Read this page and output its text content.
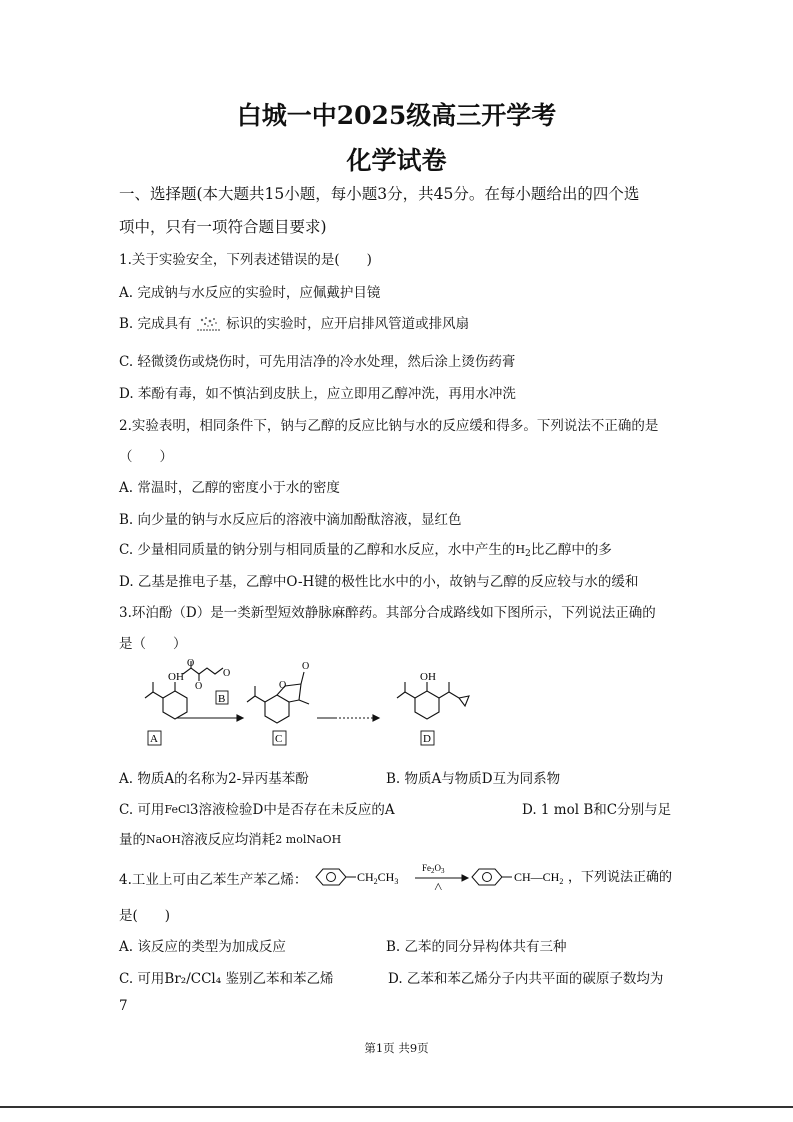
白城一中2025级高三开学考
化学试卷
一、选择题(本大题共15小题，每小题3分，共45分。在每小题给出的四个选
项中，只有一项符合题目要求)
1.关于实验安全，下列表述错误的是(　　)
A. 完成钠与水反应的实验时，应佩戴护目镜
B. 完成具有	标识的实验时，应开启排风管道或排风扇
C. 轻微烫伤或烧伤时，可先用洁净的冷水处理，然后涂上烫伤药膏
D. 苯酚有毒，如不慎沾到皮肤上，应立即用乙醇冲洗，再用水冲洗
2.实验表明，相同条件下，钠与乙醇的反应比钠与水的反应缓和得多。下列说法不正确的是
（　　）
A. 常温时，乙醇的密度小于水的密度
B. 向少量的钠与水反应后的溶液中滴加酚酞溶液，显红色
C. 少量相同质量的钠分别与相同质量的乙醇和水反应，水中产生的$H_2$比乙醇中的多
D. 乙基是推电子基，乙醇中O-H键的极性比水中的小，故钠与乙醇的反应较与水的缓和
3.环泊酚（D）是一类新型短效静脉麻醉药。其部分合成路线如下图所示，下列说法正确的
是（　　）
OH
O
O
O
O
O
OH
B
A	C	D
A. 物质A的名称为2-异丙基苯酚	B. 物质A与物质D互为同系物
C. 可用FeCl3溶液检验D中是否存在未反应的A	D. 1 mol B和C分别与足
量的NaOH溶液反应均消耗2 molNaOH
4.工业上可由乙苯生产苯乙烯：	$CH_2CH_3$
$Fe_2O_3$
△
$CH—CH_2$ ，下列说法正确的
是(　　)
A. 该反应的类型为加成反应	B. 乙苯的同分异构体共有三种
C. 可用Br₂/CCl₄ 鉴别乙苯和苯乙烯	D. 乙苯和苯乙烯分子内共平面的碳原子数均为
7
第1页 共9页
